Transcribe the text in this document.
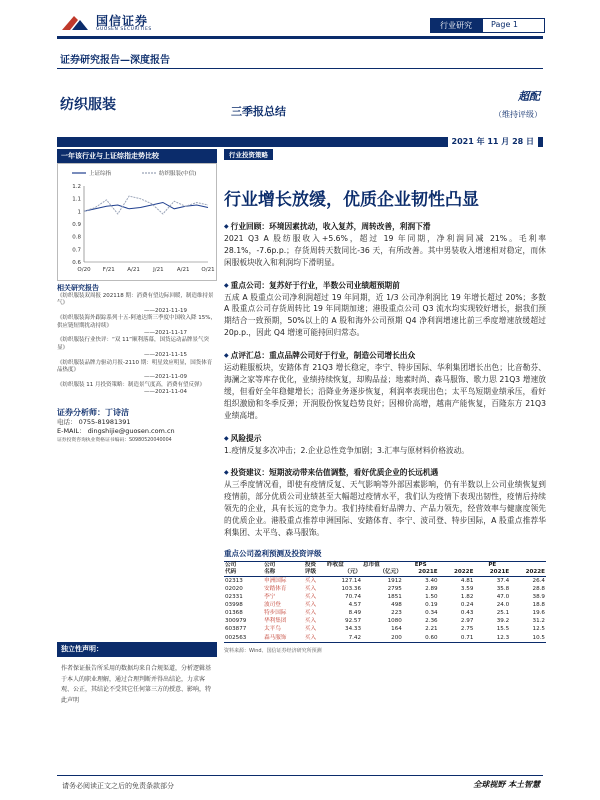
国信证券
GUOSEN SECURITIES	行业研究	Page 1
证券研究报告—深度报告
纺织服装	三季报总结
超配
（维持评级）
2021 年 11 月 28 日
一年该行业与上证综指走势比较
上证综指	纺织服装(中信)
0.6
0.7
0.8
0.9
1
1.1
1.2
O/20 F/21 A/21 J/21 A/21 O/21
相关研究报告
《纺织服装双周报 202118 期：消费有望边际回暖，制造维持景气》
——2021-11-19
《纺织服装海外跟踪系列十五-阿迪达斯三季度中国收入降 15%，供应链短期扰动持续》
——2021-11-17
《纺织服装行业快评：“双 11”顺利落幕，国货运动品牌景气突显》
——2021-11-15
《纺织服装品牌力驱动月报-2110 期：明星效应明显，国货体育品热度》
——2021-11-09
《纺织服装 11 月投资策略：制造景气度高，消费有望反弹》
——2021-11-04
证券分析师：丁诗洁
电话： 0755-81981391
E-MAIL： dingshijie@guosen.com.cn
证券投资咨询执业资格证书编码：S0980520040004
独立性声明：
作者保证报告所采用的数据均来自合规渠道，分析逻辑基于本人的职业理解，通过合理判断并得出结论，力求客观、公正，其结论不受其它任何第三方的授意、影响，特此声明
行业投资策略
行业增长放缓，优质企业韧性凸显
◆ 行业回顾：环境因素扰动，收入复苏，周转改善，利润下滑
2021 Q3 A 股纺服收入+5.6%，超过 19 年同期，净利润同减 21%。毛利率 28.1%，-7.6p.p.；存货周转天数同比-36 天，有所改善。其中男装收入增速相对稳定，而休闲服板块收入和利润均下滑明显。
◆ 重点公司：复苏好于行业，半数公司业绩超预期前
五成 A 股重点公司净利润超过 19 年同期，近 1/3 公司净利润比 19 年增长超过 20%；多数 A 股重点公司存货周转比 19 年同期加速；港股重点公司 Q3 流水均实现较好增长，据我们预期结合一致预期，50%以上的 A 股和海外公司预期 Q4 净利润增速比前三季度增速放缓超过 20p.p.，因此 Q4 增速可能持回归常态。
◆ 点评汇总：重点品牌公司好于行业，制造公司增长出众
运动鞋服板块，安踏体育 21Q3 增长稳定，李宁、特步国际、华利集团增长出色；比音勒芬、海澜之家等库存优化，业绩持续恢复，却购品益；地素时尚、森马服饰、歌力思 21Q3 增速放缓，但看好全年稳健增长；沿降业务逐步恢复，利润率表现出色；太平鸟短期业绩承压，看好组织激励和冬季反弹；开润股份恢复趋势良好；因棉价高增，越南产能恢复，百隆东方 21Q3 业绩高增。
◆ 风险提示
1.疫情反复多次冲击；2.企业总性竞争加剧；3.汇率与原材料价格波动。
◆ 投资建议：短期波动带来估值调整，看好优质企业的长远机遇
从三季度情况看，即使有疫情反复、天气影响等外部因素影响，仍有半数以上公司业绩恢复到疫情前，部分优质公司业绩甚至大幅超过疫情水平，我们认为疫情下表现出韧性，疫情后持续领先的企业，具有长远的竞争力。我们持续看好品牌力、产品力领先，经营效率与健康度领先的优质企业。港股重点推荐申洲国际、安踏体育、李宁、波司登、特步国际，A 股重点推荐华利集团、太平鸟、森马服饰。
重点公司盈利预测及投资评级
公司	公司	投资	昨收盘	总市值	EPS		PE	
代码	名称	评级	（元）	（亿元）	2021E	2022E	2021E	2022E
02313	申洲国际	买入	127.14	1912	3.40	4.81	37.4	26.4
02020	安踏体育	买入	103.36	2795	2.89	3.59	35.8	28.8
02331	李宁	买入	70.74	1851	1.50	1.82	47.0	38.9
03998	波司登	买入	4.57	498	0.19	0.24	24.0	18.8
01368	特步国际	买入	8.49	223	0.34	0.43	25.1	19.6
300979	华利集团	买入	92.57	1080	2.36	2.97	39.2	31.2
603877	太平鸟	买入	34.33	164	2.21	2.75	15.5	12.5
002563	森马服饰	买入	7.42	200	0.60	0.71	12.3	10.5
资料来源：Wind、国信证券经济研究所预测
请务必阅读正文之后的免责条款部分	全球视野 本土智慧
